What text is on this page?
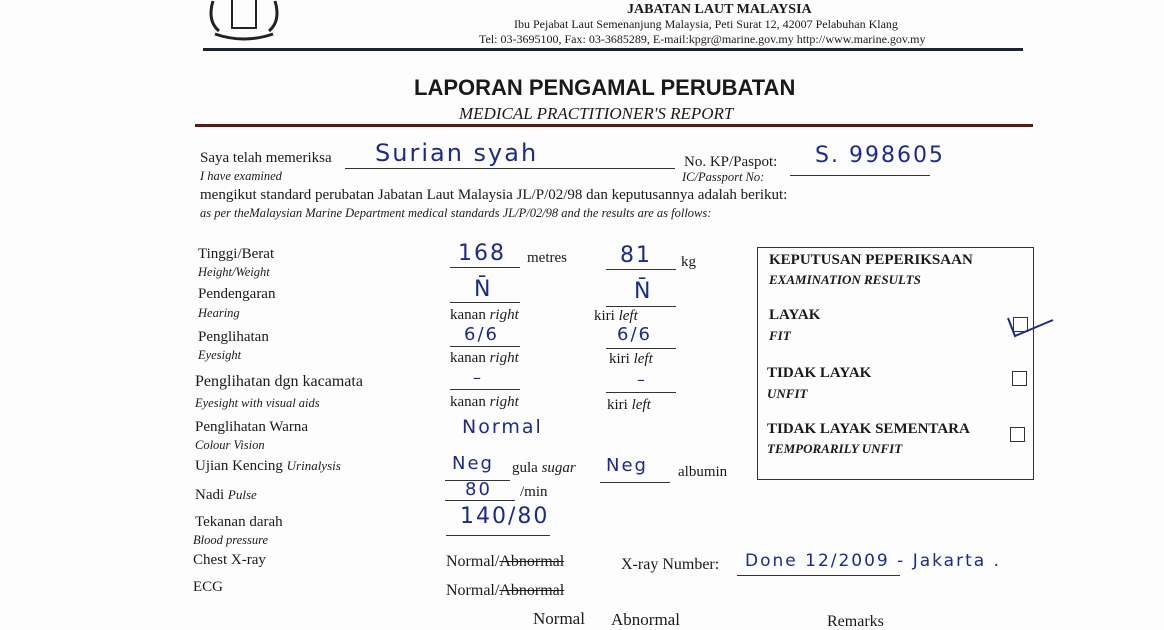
JABATAN LAUT MALAYSIA
Ibu Pejabat Laut Semenanjung Malaysia, Peti Surat 12, 42007 Pelabuhan Klang
Tel: 03-3695100, Fax: 03-3685289, E-mail:kpgr@marine.gov.my http://www.marine.gov.my
LAPORAN PENGAMAL PERUBATAN
MEDICAL PRACTITIONER'S REPORT
Saya telah memeriksa
I have examined
Surian syah	No. KP/Paspot:
IC/Passport No:
S. 998605
mengikut standard perubatan Jabatan Laut Malaysia JL/P/02/98 dan keputusannya adalah berikut:
as per theMalaysian Marine Department medical standards JL/P/02/98 and the results are as follows:
Tinggi/Berat
Height/Weight
168 metres 81 kg
Pendengaran
Hearing
N̄	N̄
kanan right	kiri left
Penglihatan
Eyesight
6/6	6/6
kanan right	kiri left
Penglihatan dgn kacamata
Eyesight with visual aids
–	–
kanan right	kiri left
Penglihatan Warna
Colour Vision
Normal
Ujian Kencing Urinalysis	Neg gula sugar Neg albumin
Nadi Pulse	80 /min
Tekanan darah
Blood pressure
140/80
Chest X-ray	Normal/Abnormal	X-ray Number: Done 12/2009 - Jakarta .
ECG	Normal/Abnormal
Normal Abnormal	Remarks
KEPUTUSAN PEPERIKSAAN
EXAMINATION RESULTS
LAYAK
FIT
TIDAK LAYAK
UNFIT
TIDAK LAYAK SEMENTARA
TEMPORARILY UNFIT
